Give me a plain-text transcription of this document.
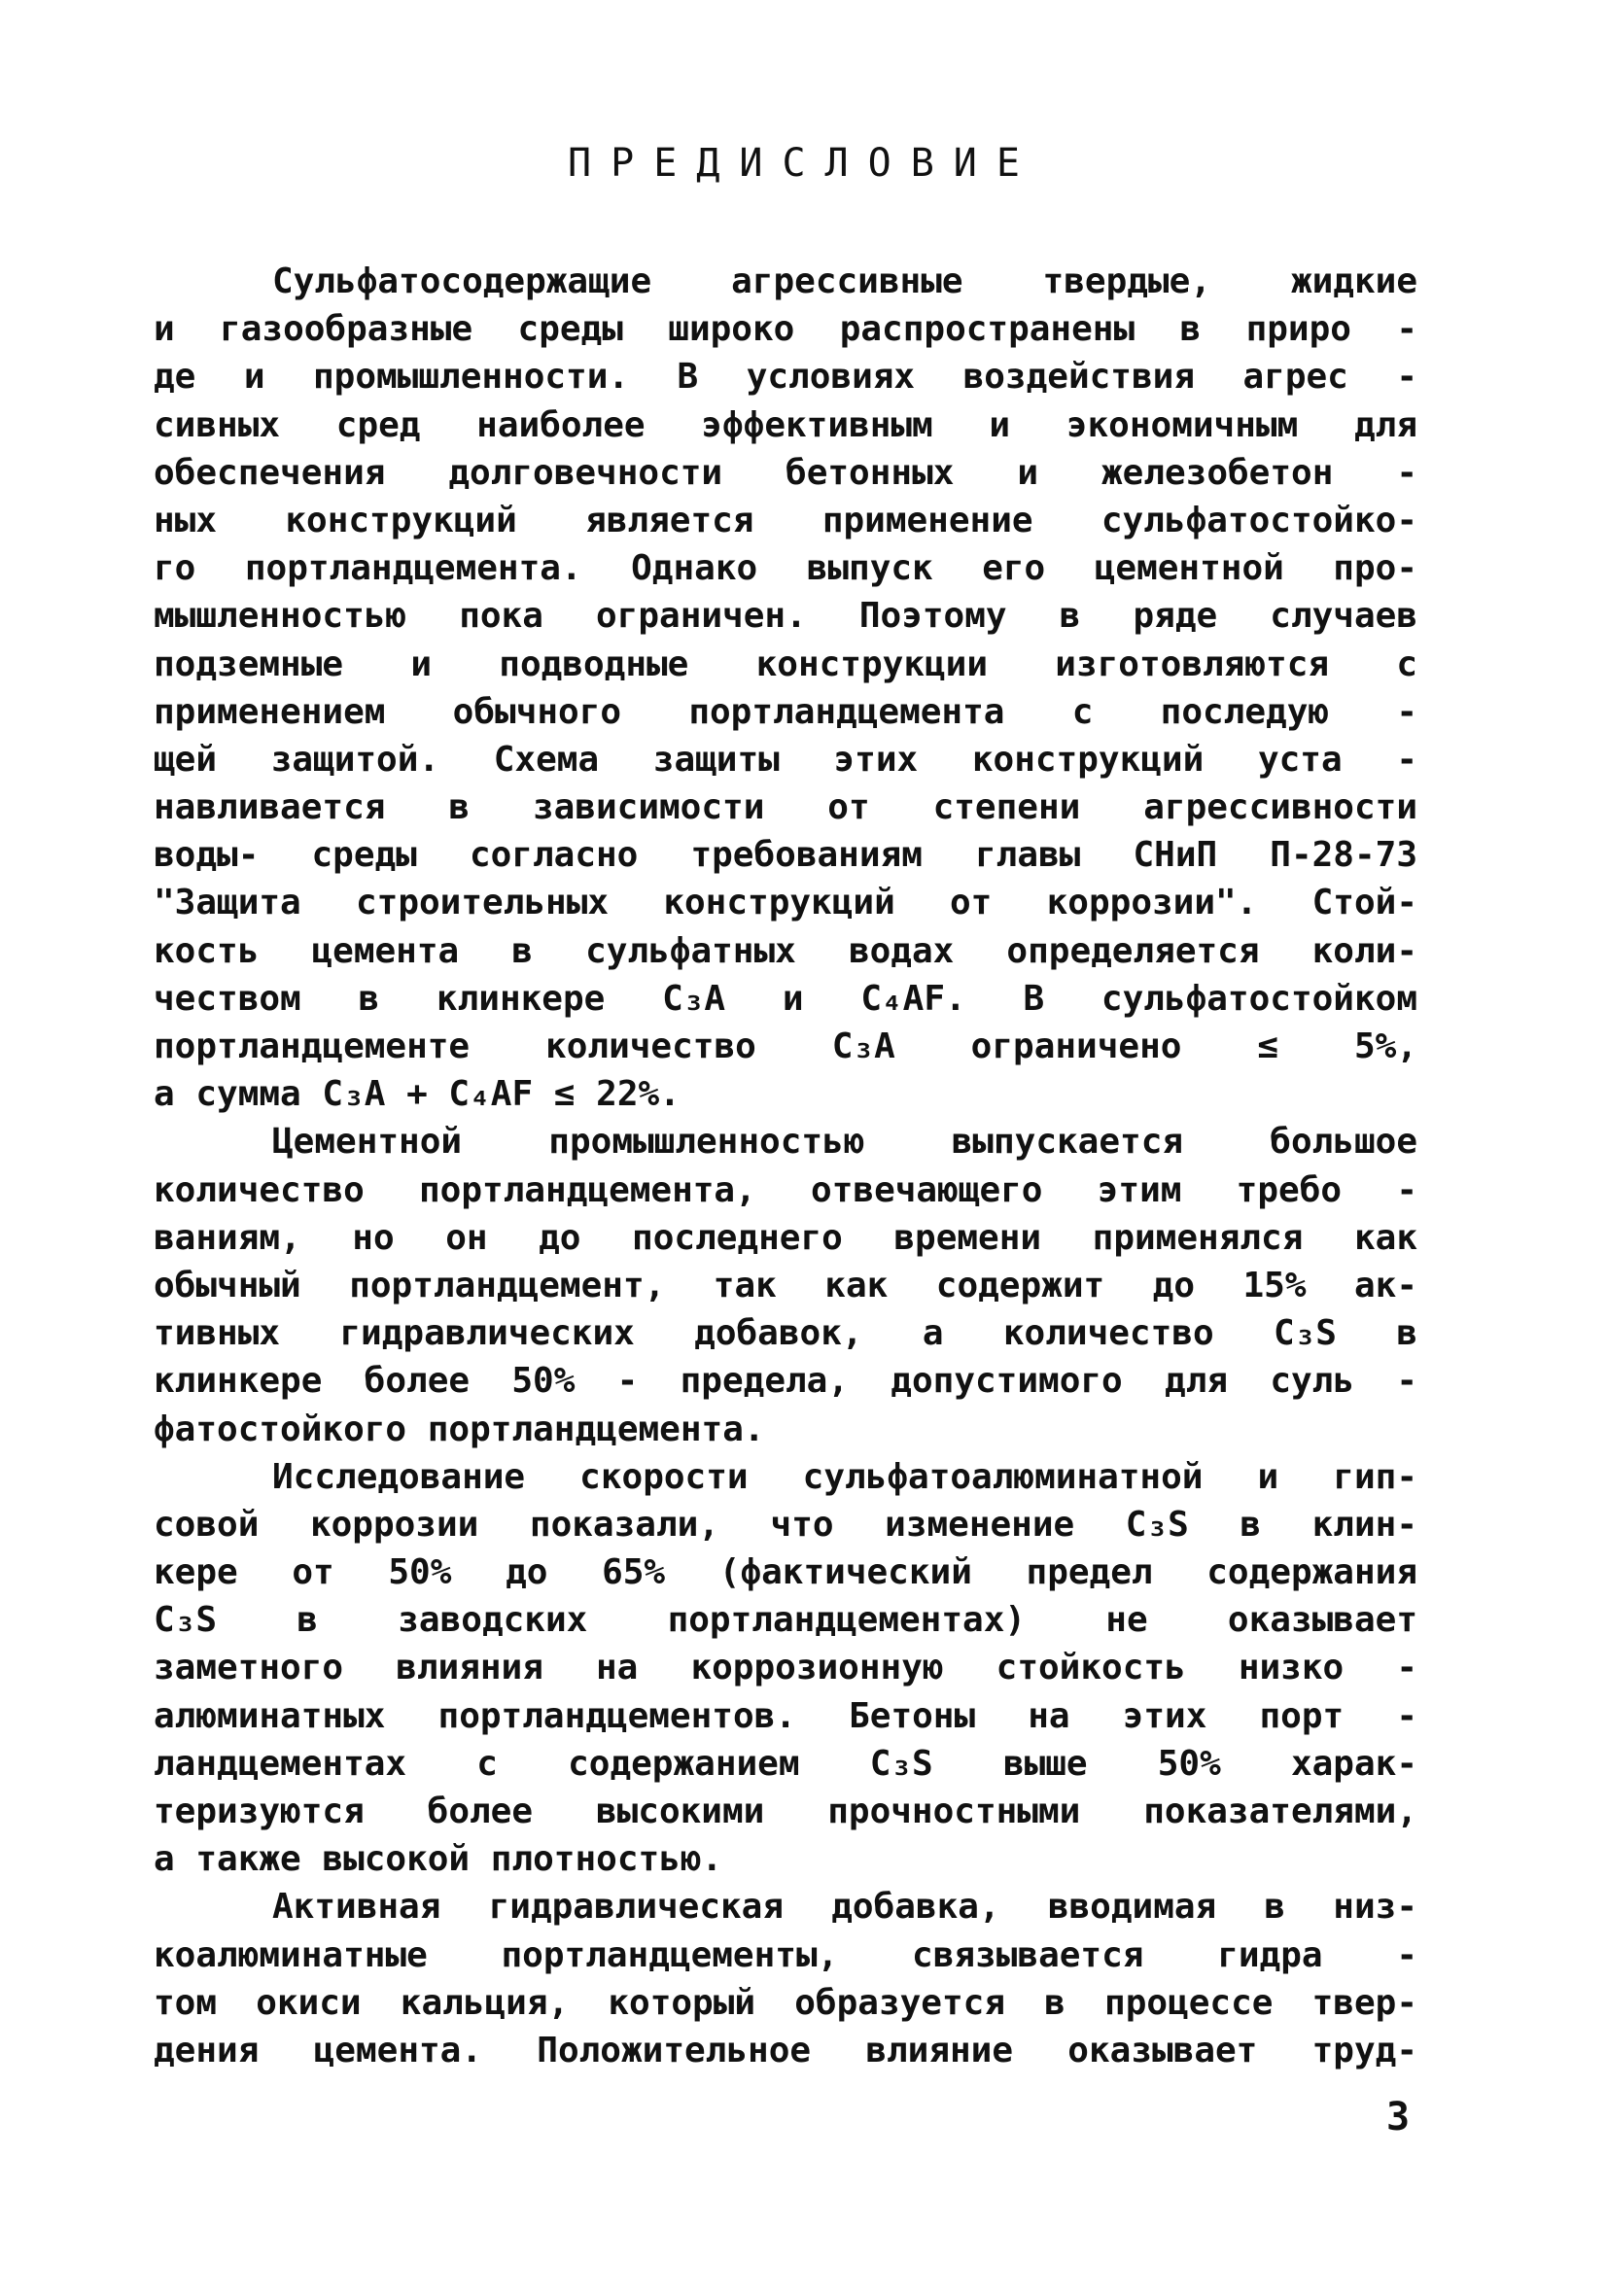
ПРЕДИСЛОВИЕ
Сульфатосодержащие агрессивные твердые, жидкие
и газообразные среды широко распространены в приро -
де и промышленности. В условиях воздействия агрес -
сивных сред наиболее эффективным и экономичным для
обеспечения долговечности бетонных и железобетон -
ных конструкций является применение сульфатостойко-
го портландцемента. Однако выпуск его цементной про-
мышленностью пока ограничен. Поэтому в ряде случаев
подземные и подводные конструкции изготовляются с
применением обычного портландцемента с последую -
щей защитой. Схема защиты этих конструкций уста -
навливается в зависимости от степени агрессивности
воды- среды согласно требованиям главы СНиП П-28-73
"Защита строительных конструкций от коррозии". Стой-
кость цемента в сульфатных водах определяется коли-
чеством в клинкере C₃A и C₄AF. В сульфатостойком
портландцементе количество C₃A ограничено ≤ 5%,
а сумма C₃A + C₄AF ≤ 22%.
Цементной промышленностью выпускается большое
количество портландцемента, отвечающего этим требо -
ваниям, но он до последнего времени применялся как
обычный портландцемент, так как содержит до 15% ак-
тивных гидравлических добавок, а количество C₃S в
клинкере более 50% - предела, допустимого для суль -
фатостойкого портландцемента.
Исследование скорости сульфатоалюминатной и гип-
совой коррозии показали, что изменение C₃S в клин-
кере от 50% до 65% (фактический предел содержания
C₃S в заводских портландцементах) не оказывает
заметного влияния на коррозионную стойкость низко -
алюминатных портландцементов. Бетоны на этих порт -
ландцементах с содержанием C₃S выше 50% харак-
теризуются более высокими прочностными показателями,
а также высокой плотностью.
Активная гидравлическая добавка, вводимая в низ-
коалюминатные портландцементы, связывается гидра -
том окиси кальция, который образуется в процессе твер-
дения цемента. Положительное влияние оказывает труд-
3
